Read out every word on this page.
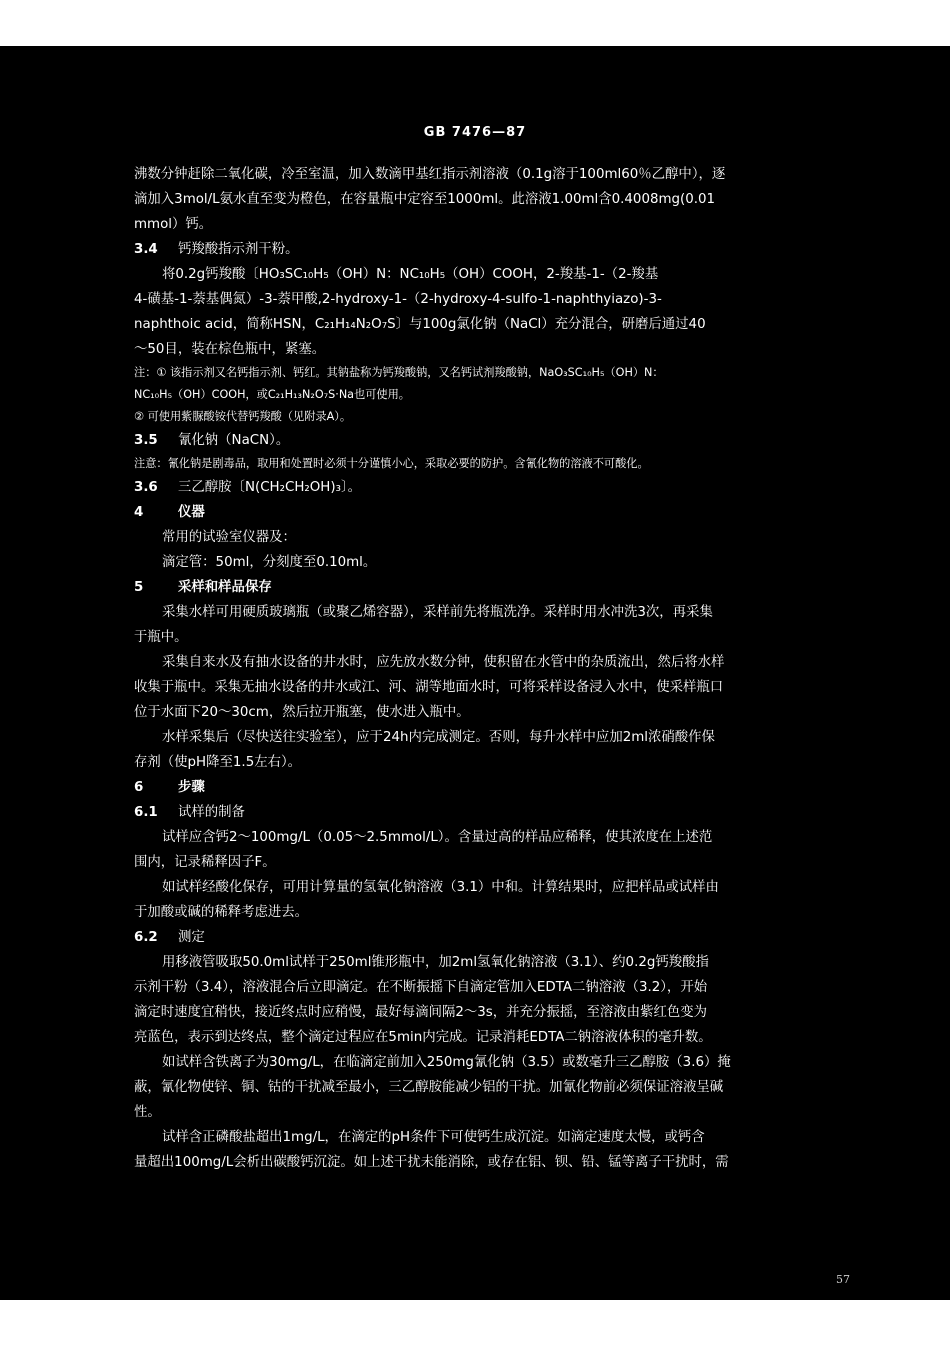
GB 7476—87

沸数分钟赶除二氧化碳，冷至室温，加入数滴甲基红指示剂溶液（0.1g溶于100ml60％乙醇中），逐

滴加入3mol/L氨水直至变为橙色，在容量瓶中定容至1000ml。此溶液1.00ml含0.4008mg(0.01

mmol）钙。

3.4 钙羧酸指示剂干粉。

将0.2g钙羧酸〔HO₃SC₁₀H₅（OH）N：NC₁₀H₅（OH）COOH，2-羧基-1-（2-羧基

4-磺基-1-萘基偶氮）-3-萘甲酸,2-hydroxy-1-（2-hydroxy-4-sulfo-1-naphthyiazo)-3-

naphthoic acid，简称HSN，C₂₁H₁₄N₂O₇S〕与100g氯化钠（NaCl）充分混合，研磨后通过40

～50目，装在棕色瓶中，紧塞。

注：① 该指示剂又名钙指示剂、钙红。其钠盐称为钙羧酸钠，又名钙试剂羧酸钠，NaO₃SC₁₀H₅（OH）N：

NC₁₀H₅（OH）COOH，或C₂₁H₁₃N₂O₇S·Na也可使用。

② 可使用紫脲酸铵代替钙羧酸（见附录A）。

3.5 氰化钠（NaCN）。

注意：氰化钠是剧毒品，取用和处置时必须十分谨慎小心，采取必要的防护。含氰化物的溶液不可酸化。

3.6 三乙醇胺〔N(CH₂CH₂OH)₃〕。

4	仪器

常用的试验室仪器及：

滴定管：50ml，分刻度至0.10ml。

5	采样和样品保存

采集水样可用硬质玻璃瓶（或聚乙烯容器），采样前先将瓶洗净。采样时用水冲洗3次，再采集

于瓶中。

采集自来水及有抽水设备的井水时，应先放水数分钟，使积留在水管中的杂质流出，然后将水样

收集于瓶中。采集无抽水设备的井水或江、河、湖等地面水时，可将采样设备浸入水中，使采样瓶口

位于水面下20～30cm，然后拉开瓶塞，使水进入瓶中。

水样采集后（尽快送往实验室），应于24h内完成测定。否则，每升水样中应加2ml浓硝酸作保

存剂（使pH降至1.5左右）。

6	步骤

6.1 试样的制备

试样应含钙2～100mg/L（0.05～2.5mmol/L）。含量过高的样品应稀释，使其浓度在上述范

围内，记录稀释因子F。

如试样经酸化保存，可用计算量的氢氧化钠溶液（3.1）中和。计算结果时，应把样品或试样由

于加酸或碱的稀释考虑进去。

6.2 测定

用移液管吸取50.0ml试样于250ml锥形瓶中，加2ml氢氧化钠溶液（3.1）、约0.2g钙羧酸指

示剂干粉（3.4），溶液混合后立即滴定。在不断振摇下自滴定管加入EDTA二钠溶液（3.2），开始

滴定时速度宜稍快，接近终点时应稍慢，最好每滴间隔2～3s，并充分振摇，至溶液由紫红色变为

亮蓝色，表示到达终点，整个滴定过程应在5min内完成。记录消耗EDTA二钠溶液体积的毫升数。

如试样含铁离子为30mg/L，在临滴定前加入250mg氰化钠（3.5）或数毫升三乙醇胺（3.6）掩

蔽，氰化物使锌、铜、钴的干扰减至最小，三乙醇胺能减少铝的干扰。加氰化物前必须保证溶液呈碱

性。

试样含正磷酸盐超出1mg/L，在滴定的pH条件下可使钙生成沉淀。如滴定速度太慢，或钙含

量超出100mg/L会析出碳酸钙沉淀。如上述干扰未能消除，或存在铝、钡、铅、锰等离子干扰时，需

57
